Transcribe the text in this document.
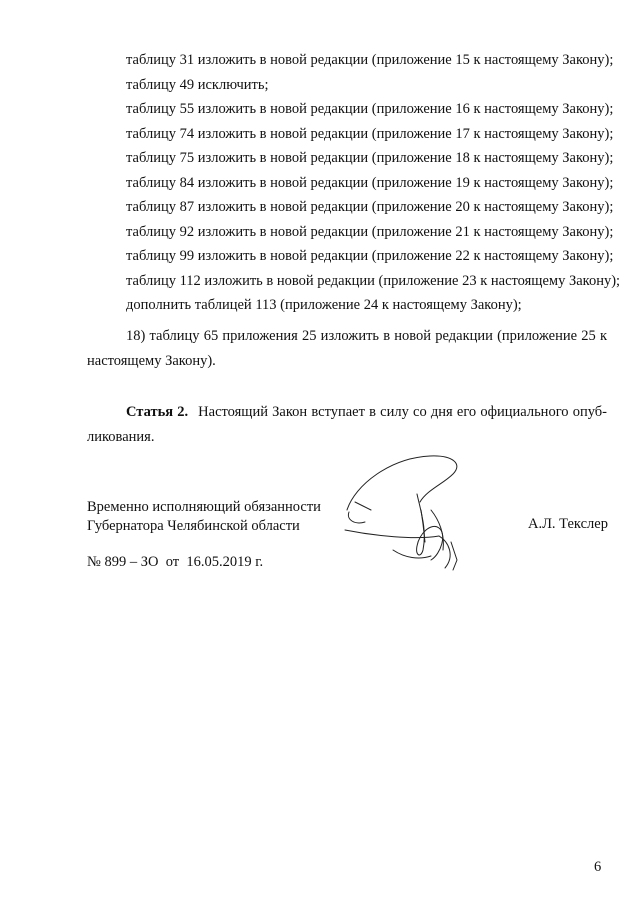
таблицу 31 изложить в новой редакции (приложение 15 к настоящему Закону);
таблицу 49 исключить;
таблицу 55 изложить в новой редакции (приложение 16 к настоящему Закону);
таблицу 74 изложить в новой редакции (приложение 17 к настоящему Закону);
таблицу 75 изложить в новой редакции (приложение 18 к настоящему Закону);
таблицу 84 изложить в новой редакции (приложение 19 к настоящему Закону);
таблицу 87 изложить в новой редакции (приложение 20 к настоящему Закону);
таблицу 92 изложить в новой редакции (приложение 21 к настоящему Закону);
таблицу 99 изложить в новой редакции (приложение 22 к настоящему Закону);
таблицу 112 изложить в новой редакции (приложение 23 к настоящему Закону);
дополнить таблицей 113 (приложение 24 к настоящему Закону);
18) таблицу 65 приложения 25 изложить в новой редакции (приложение 25 к
настоящему Закону).
Статья 2. Настоящий Закон вступает в силу со дня его официального опуб-
ликования.
Временно исполняющий обязанности
Губернатора Челябинской области	А.Л. Текслер
№ 899 – ЗО  от  16.05.2019 г.
6
